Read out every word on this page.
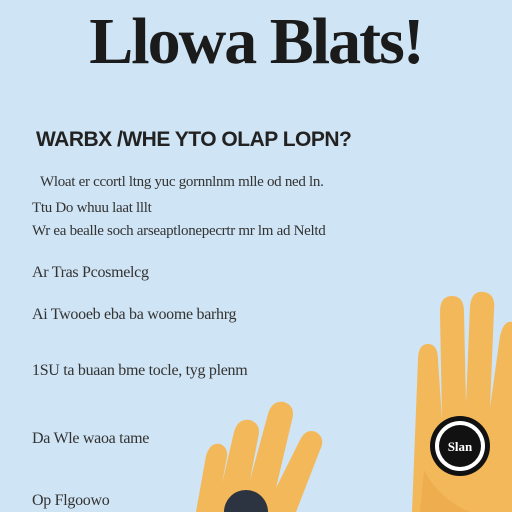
Llowa Blats!
WARBX /WHE YTO OLAP LOPN?
Wloat er ccortl ltng yuc gornnlnm mlle od ned ln.
Ttu Do whuu laat lllt
Wr ea bealle soch arseaptlonepecrtr mr lm ad Neltd
Ar Tras Pcosmelcg
Ai Twooeb eba ba woome barhrg
1SU ta buaan bme tocle, tyg plenm
Da Wle waoa tame
Op Flgoowo
Slan
